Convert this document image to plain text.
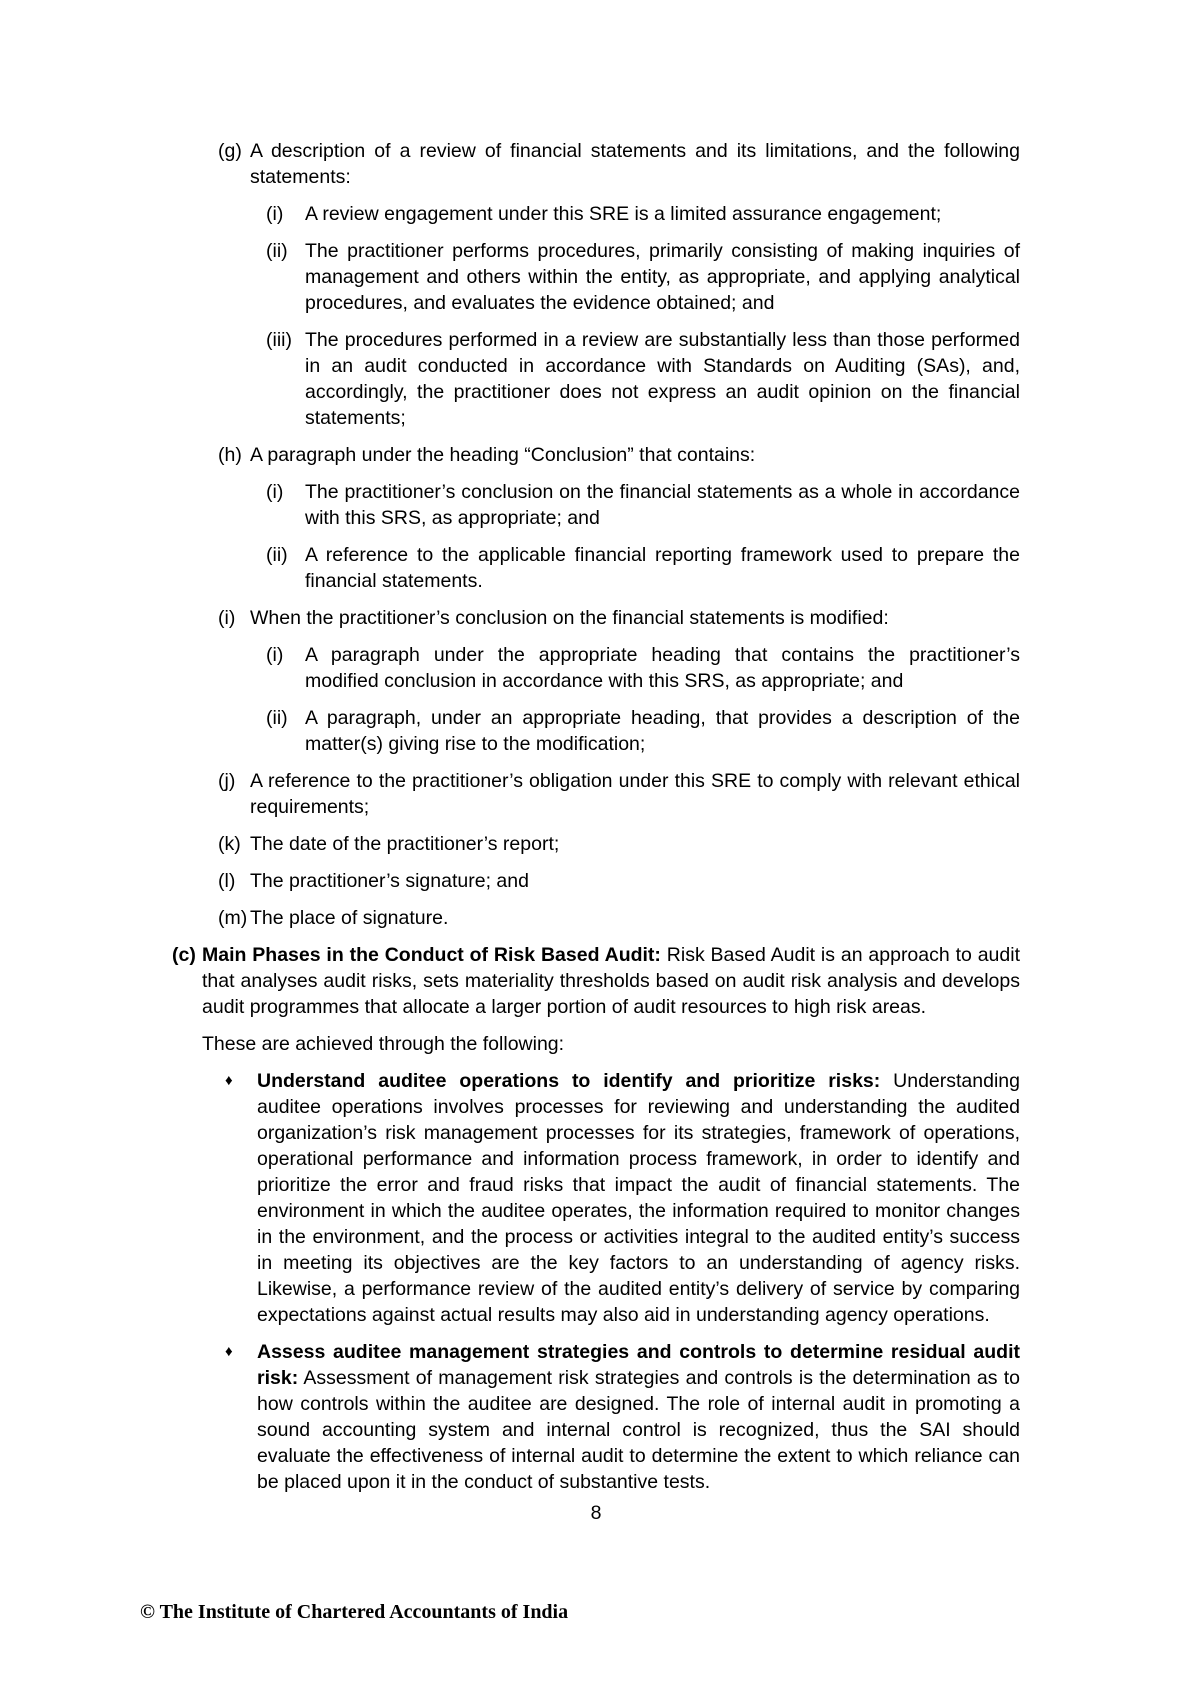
(g) A description of a review of financial statements and its limitations, and the following statements:
(i)	A review engagement under this SRE is a limited assurance engagement;
(ii) The practitioner performs procedures, primarily consisting of making inquiries of management and others within the entity, as appropriate, and applying analytical procedures, and evaluates the evidence obtained; and
(iii) The procedures performed in a review are substantially less than those performed in an audit conducted in accordance with Standards on Auditing (SAs), and, accordingly, the practitioner does not express an audit opinion on the financial statements;
(h) A paragraph under the heading “Conclusion” that contains:
(i)	The practitioner’s conclusion on the financial statements as a whole in accordance with this SRS, as appropriate; and
(ii) A reference to the applicable financial reporting framework used to prepare the financial statements.
(i) When the practitioner’s conclusion on the financial statements is modified:
(i)	A paragraph under the appropriate heading that contains the practitioner’s modified conclusion in accordance with this SRS, as appropriate; and
(ii) A paragraph, under an appropriate heading, that provides a description of the matter(s) giving rise to the modification;
(j) A reference to the practitioner’s obligation under this SRE to comply with relevant ethical requirements;
(k) The date of the practitioner’s report;
(l) The practitioner’s signature; and
(m) The place of signature.
(c) Main Phases in the Conduct of Risk Based Audit: Risk Based Audit is an approach to audit that analyses audit risks, sets materiality thresholds based on audit risk analysis and develops audit programmes that allocate a larger portion of audit resources to high risk areas.
These are achieved through the following:
♦	Understand auditee operations to identify and prioritize risks: Understanding auditee operations involves processes for reviewing and understanding the audited organization’s risk management processes for its strategies, framework of operations, operational performance and information process framework, in order to identify and prioritize the error and fraud risks that impact the audit of financial statements. The environment in which the auditee operates, the information required to monitor changes in the environment, and the process or activities integral to the audited entity’s success in meeting its objectives are the key factors to an understanding of agency risks. Likewise, a performance review of the audited entity’s delivery of service by comparing expectations against actual results may also aid in understanding agency operations.
♦	Assess auditee management strategies and controls to determine residual audit risk: Assessment of management risk strategies and controls is the determination as to how controls within the auditee are designed. The role of internal audit in promoting a sound accounting system and internal control is recognized, thus the SAI should evaluate the effectiveness of internal audit to determine the extent to which reliance can be placed upon it in the conduct of substantive tests.
8
© The Institute of Chartered Accountants of India
